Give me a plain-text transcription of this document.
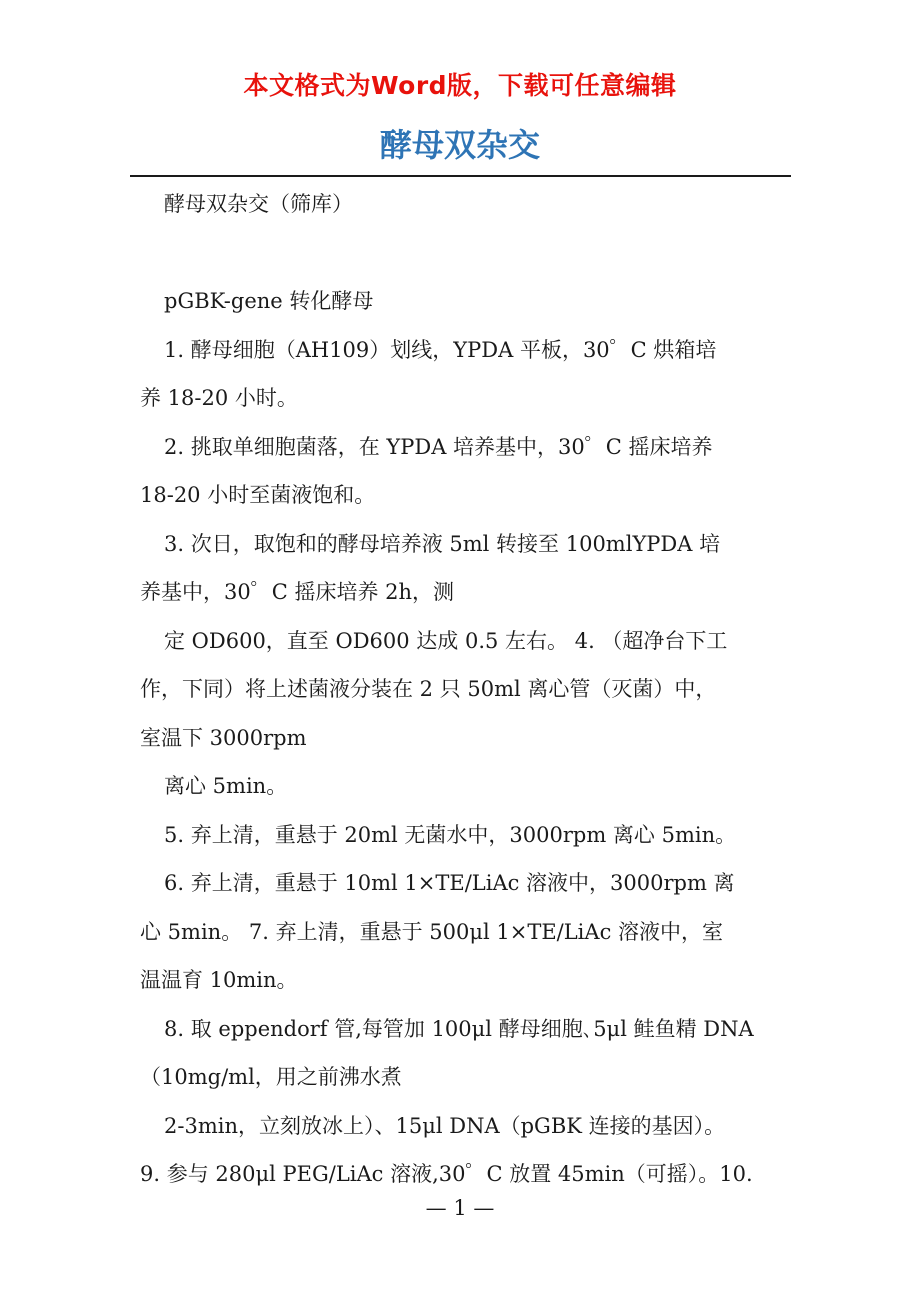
本文格式为Word版，下载可任意编辑
酵母双杂交

酵母双杂交（筛库）

pGBK-gene 转化酵母

1. 酵母细胞（AH109）划线，YPDA 平板，30゜C 烘箱培

养 18-20 小时。

2. 挑取单细胞菌落，在 YPDA 培养基中，30゜C 摇床培养

18-20 小时至菌液饱和。

3. 次日，取饱和的酵母培养液 5ml 转接至 100mlYPDA 培

养基中，30゜C 摇床培养 2h，测

定 OD600，直至 OD600 达成 0.5 左右。 4. （超净台下工

作，下同）将上述菌液分装在 2 只 50ml 离心管（灭菌）中，

室温下 3000rpm

离心 5min。

5. 弃上清，重悬于 20ml 无菌水中，3000rpm 离心 5min。

6. 弃上清，重悬于 10ml 1×TE/LiAc 溶液中，3000rpm 离

心 5min。 7. 弃上清，重悬于 500μl 1×TE/LiAc 溶液中，室

温温育 10min。

8. 取 eppendorf 管,每管加 100μl 酵母细胞､5μl 鲑鱼精 DNA

（10mg/ml，用之前沸水煮

2-3min，立刻放冰上）、15μl DNA（pGBK 连接的基因）。

9. 参与 280μl PEG/LiAc 溶液,30゜C 放置 45min（可摇）。10.

— 1 —
